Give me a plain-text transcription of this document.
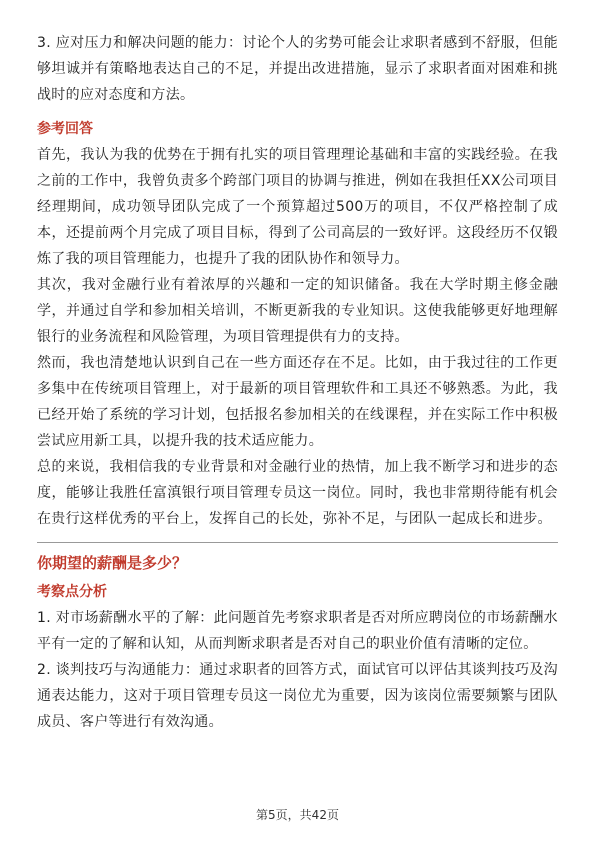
3. 应对压力和解决问题的能力：讨论个人的劣势可能会让求职者感到不舒服，但能够坦诚并有策略地表达自己的不足，并提出改进措施，显示了求职者面对困难和挑战时的应对态度和方法。

参考回答

首先，我认为我的优势在于拥有扎实的项目管理理论基础和丰富的实践经验。在我之前的工作中，我曾负责多个跨部门项目的协调与推进，例如在我担任XX公司项目经理期间，成功领导团队完成了一个预算超过500万的项目，不仅严格控制了成本，还提前两个月完成了项目目标，得到了公司高层的一致好评。这段经历不仅锻炼了我的项目管理能力，也提升了我的团队协作和领导力。

其次，我对金融行业有着浓厚的兴趣和一定的知识储备。我在大学时期主修金融学，并通过自学和参加相关培训，不断更新我的专业知识。这使我能够更好地理解银行的业务流程和风险管理，为项目管理提供有力的支持。

然而，我也清楚地认识到自己在一些方面还存在不足。比如，由于我过往的工作更多集中在传统项目管理上，对于最新的项目管理软件和工具还不够熟悉。为此，我已经开始了系统的学习计划，包括报名参加相关的在线课程，并在实际工作中积极尝试应用新工具，以提升我的技术适应能力。

总的来说，我相信我的专业背景和对金融行业的热情，加上我不断学习和进步的态度，能够让我胜任富滇银行项目管理专员这一岗位。同时，我也非常期待能有机会在贵行这样优秀的平台上，发挥自己的长处，弥补不足，与团队一起成长和进步。

你期望的薪酬是多少？
考察点分析

1. 对市场薪酬水平的了解：此问题首先考察求职者是否对所应聘岗位的市场薪酬水平有一定的了解和认知，从而判断求职者是否对自己的职业价值有清晰的定位。

2. 谈判技巧与沟通能力：通过求职者的回答方式，面试官可以评估其谈判技巧及沟通表达能力，这对于项目管理专员这一岗位尤为重要，因为该岗位需要频繁与团队成员、客户等进行有效沟通。

第5页，共42页
